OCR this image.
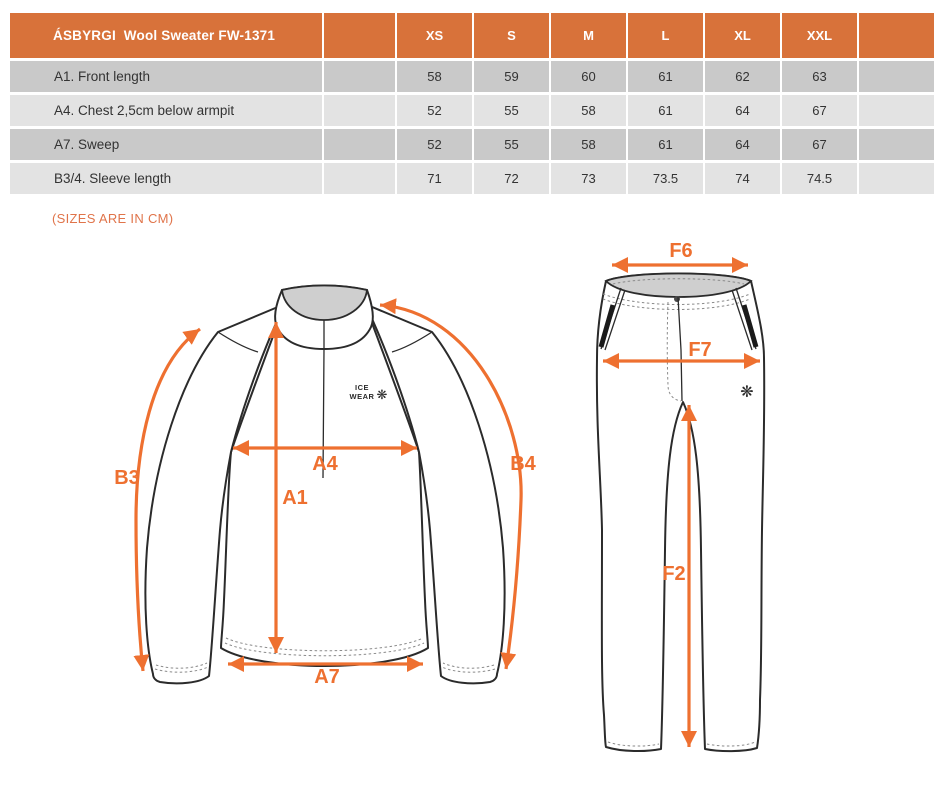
ÁSBYRGI  Wool Sweater FW-1371	XS	S	M	L	XL	XXL
A1. Front length	58	59	60	61	62	63
A4. Chest 2,5cm below armpit	52	55	58	61	64	67
A7. Sweep	52	55	58	61	64	67
B3/4. Sleeve length	71	72	73	73.5	74	74.5
(SIZES ARE IN CM)
ICE
WEAR ❋
B3
A4
A1
B4
A7
❋
F6
F7
F2
